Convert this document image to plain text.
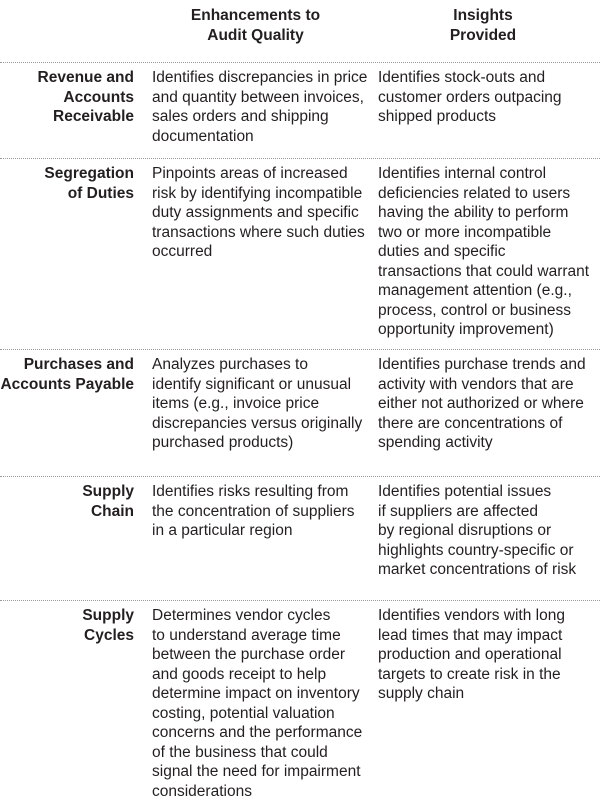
Enhancements to
Audit Quality
Insights
Provided
Revenue and
Accounts
Receivable
Identifies discrepancies in price
and quantity between invoices,
sales orders and shipping
documentation
Identifies stock-outs and
customer orders outpacing
shipped products
Segregation
of Duties
Pinpoints areas of increased
risk by identifying incompatible
duty assignments and specific
transactions where such duties
occurred
Identifies internal control
deficiencies related to users
having the ability to perform
two or more incompatible
duties and specific
transactions that could warrant
management attention (e.g.,
process, control or business
opportunity improvement)
Purchases and
Accounts Payable
Analyzes purchases to
identify significant or unusual
items (e.g., invoice price
discrepancies versus originally
purchased products)
Identifies purchase trends and
activity with vendors that are
either not authorized or where
there are concentrations of
spending activity
Supply
Chain
Identifies risks resulting from
the concentration of suppliers
in a particular region
Identifies potential issues
if suppliers are affected
by regional disruptions or
highlights country-specific or
market concentrations of risk
Supply
Cycles
Determines vendor cycles
to understand average time
between the purchase order
and goods receipt to help
determine impact on inventory
costing, potential valuation
concerns and the performance
of the business that could
signal the need for impairment
considerations
Identifies vendors with long
lead times that may impact
production and operational
targets to create risk in the
supply chain
